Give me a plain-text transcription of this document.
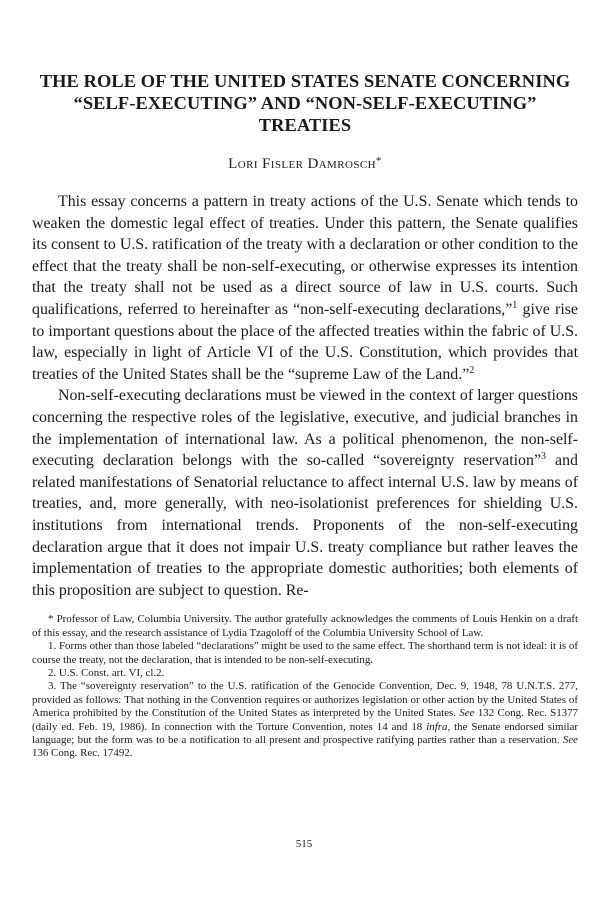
THE ROLE OF THE UNITED STATES SENATE CONCERNING
“SELF-EXECUTING” AND “NON-SELF-EXECUTING”
TREATIES
Lori Fisler Damrosch*

This essay concerns a pattern in treaty actions of the U.S. Senate which tends to weaken the domestic legal effect of treaties. Under this pattern, the Senate qualifies its consent to U.S. ratification of the treaty with a declaration or other condition to the effect that the treaty shall be non-self-executing, or otherwise expresses its intention that the treaty shall not be used as a direct source of law in U.S. courts. Such qualifications, referred to hereinafter as “non-self-executing declarations,”$^1$ give rise to important questions about the place of the affected treaties within the fabric of U.S. law, especially in light of Article VI of the U.S. Constitution, which provides that treaties of the United States shall be the “supreme Law of the Land.”$^2$

Non-self-executing declarations must be viewed in the context of larger questions concerning the respective roles of the legislative, executive, and judicial branches in the implementation of international law. As a political phenomenon, the non-self-executing declaration belongs with the so-called “sovereignty reservation”$^3$ and related manifestations of Senatorial reluctance to affect internal U.S. law by means of treaties, and, more generally, with neo-isolationist preferences for shielding U.S. institutions from international trends. Proponents of the non-self-executing declaration argue that it does not impair U.S. treaty compliance but rather leaves the implementation of treaties to the appropriate domestic authorities; both elements of this proposition are subject to question. Re-

* Professor of Law, Columbia University. The author gratefully acknowledges the comments of Louis Henkin on a draft of this essay, and the research assistance of Lydia Tzagoloff of the Columbia University School of Law.

1. Forms other than those labeled “declarations” might be used to the same effect. The shorthand term is not ideal: it is of course the treaty, not the declaration, that is intended to be non-self-executing.

2. U.S. Const. art. VI, cl.2.

3. The “sovereignty reservation” to the U.S. ratification of the Genocide Convention, Dec. 9, 1948, 78 U.N.T.S. 277, provided as follows: That nothing in the Convention requires or authorizes legislation or other action by the United States of America prohibited by the Constitution of the United States as interpreted by the United States. See 132 Cong. Rec. S1377 (daily ed. Feb. 19, 1986). In connection with the Torture Convention, notes 14 and 18 infra, the Senate endorsed similar language; but the form was to be a notification to all present and prospective ratifying parties rather than a reservation. See 136 Cong. Rec. 17492.

515
